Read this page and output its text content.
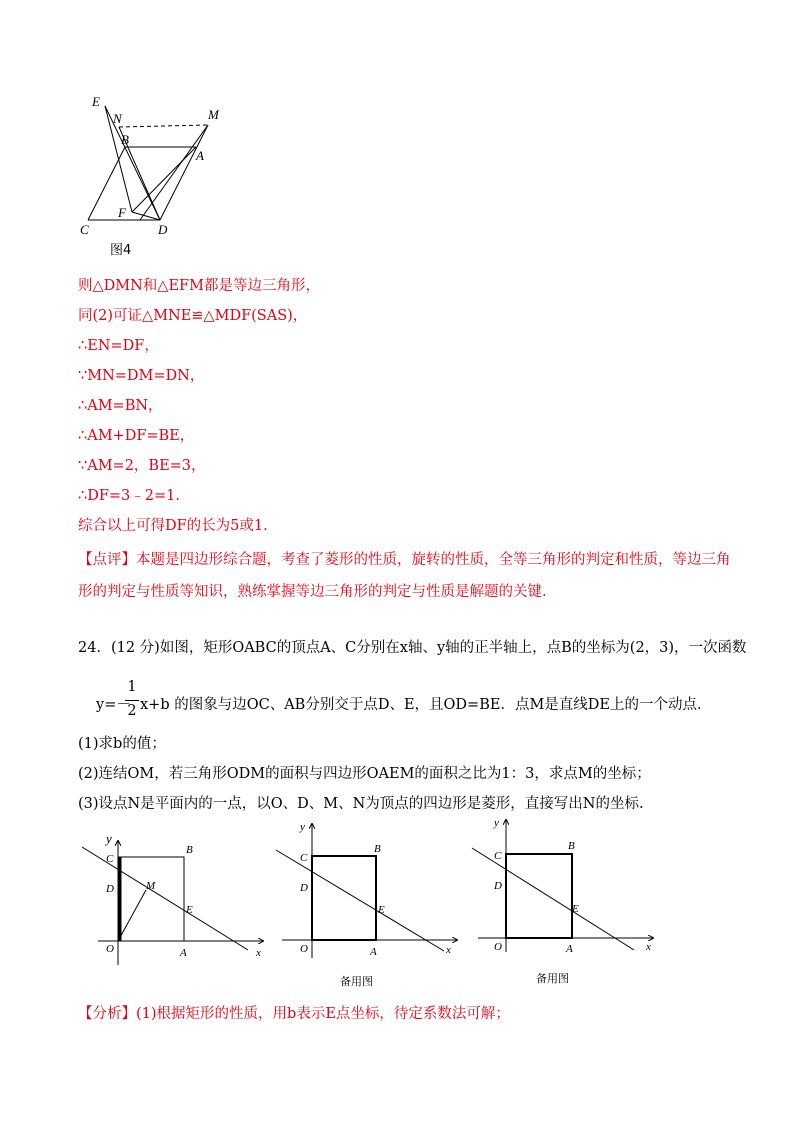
E
N	M
B
A
F
C	D
图4
则△DMN和△EFM都是等边三角形，
同(2)可证△MNE≌△MDF(SAS)，
∴EN=DF，
∵MN=DM=DN，
∴AM=BN，
∴AM+DF=BE，
∵AM=2，BE=3，
∴DF=3﹣2=1.
综合以上可得DF的长为5或1.
【点评】本题是四边形综合题，考查了菱形的性质，旋转的性质，全等三角形的判定和性质，等边三角
形的判定与性质等知识，熟练掌握等边三角形的判定与性质是解题的关键.
24．(12 分)如图，矩形OABC的顶点A、C分别在x轴、y轴的正半轴上，点B的坐标为(2，3)，一次函数
y=－
1
2 x+b 的图象与边OC、AB分别交于点D、E，且OD=BE．点M是直线DE上的一个动点．
(1)求b的值；
(2)连结OM，若三角形ODM的面积与四边形OAEM的面积之比为1：3，求点M的坐标；
(3)设点N是平面内的一点，以O、D、M、N为顶点的四边形是菱形，直接写出N的坐标.
y
C
B
D	M
E
O	A	x
y
C
B
D
E
O	A	x
备用图
y
C
B
D
E
O	A	x
备用图
【分析】(1)根据矩形的性质，用b表示E点坐标，待定系数法可解；
